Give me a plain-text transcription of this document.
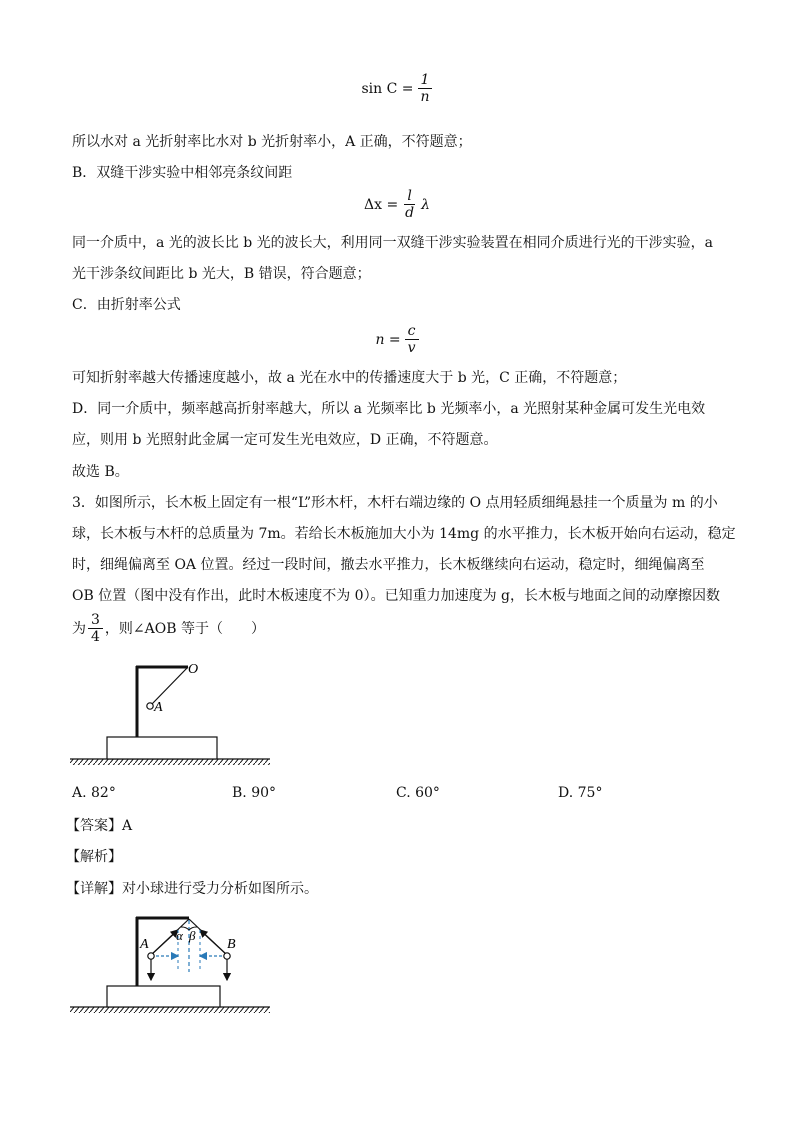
$\sin C = \frac{1}{n}$
所以水对 a 光折射率比水对 b 光折射率小，A 正确，不符题意；
B．双缝干涉实验中相邻亮条纹间距
$\Delta x = \frac{l}{d}$ λ
同一介质中，a 光的波长比 b 光的波长大，利用同一双缝干涉实验装置在相同介质进行光的干涉实验，a
光干涉条纹间距比 b 光大，B 错误，符合题意；
C．由折射率公式
$n = \frac{c}{v}$
可知折射率越大传播速度越小，故 a 光在水中的传播速度大于 b 光，C 正确，不符题意；
D．同一介质中，频率越高折射率越大，所以 a 光频率比 b 光频率小，a 光照射某种金属可发生光电效
应，则用 b 光照射此金属一定可发生光电效应，D 正确，不符题意。
故选 B。
3．如图所示，长木板上固定有一根“L”形木杆，木杆右端边缘的 O 点用轻质细绳悬挂一个质量为 m 的小
球，长木板与木杆的总质量为 7m。若给长木板施加大小为 14mg 的水平推力，长木板开始向右运动，稳定
时，细绳偏离至 OA 位置。经过一段时间，撤去水平推力，长木板继续向右运动，稳定时，细绳偏离至
OB 位置（图中没有作出，此时木板速度不为 0）。已知重力加速度为 g，长木板与地面之间的动摩擦因数
为 $\frac{3}{4}$ ，则∠AOB 等于（　　）
O
A
A. 82°	B. 90°	C. 60°	D. 75°
【答案】A
【解析】
【详解】对小球进行受力分析如图所示。
A	B
α β
